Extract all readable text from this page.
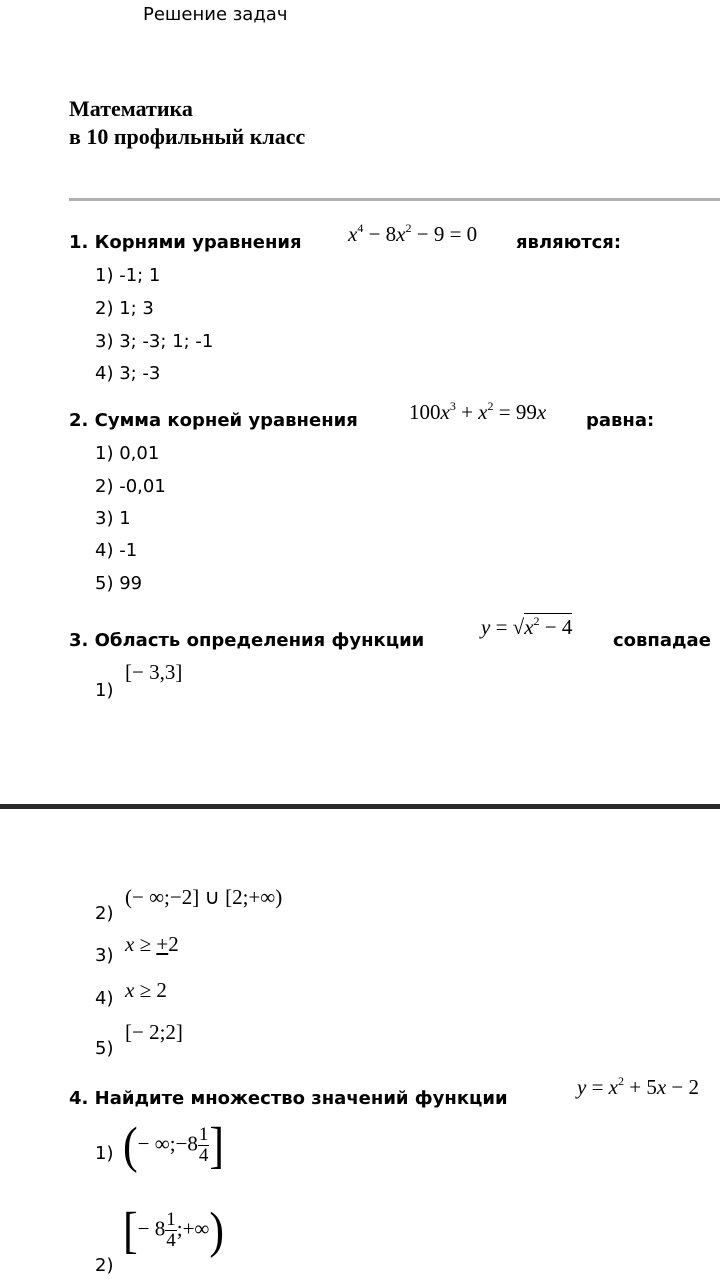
Решение задач
Математика
в 10 профильный класс
1. Корнями уравнения $x^4 - 8x^2 - 9 = 0$ являются:
1) -1; 1
2) 1; 3
3) 3; -3; 1; -1
4) 3; -3
2. Сумма корней уравнения $100x^3 + x^2 = 99x$ равна:
1) 0,01
2) -0,01
3) 1
4) -1
5) 99
3. Область определения функции
$y = √x^2 - 4$
совпадае
1)
[− 3,3]
2)
(− ∞;−2] ∪ [2;+∞)
3) x ≥ +2
4) x ≥ 2
5)
[− 2;2]
4. Найдите множество значений функции	$y = x^2 + 5x - 2$
1) (− ∞;−8 $\frac{1}{4}$ ]
2)
[− $8 \frac{1}{4}$ ;+∞)
